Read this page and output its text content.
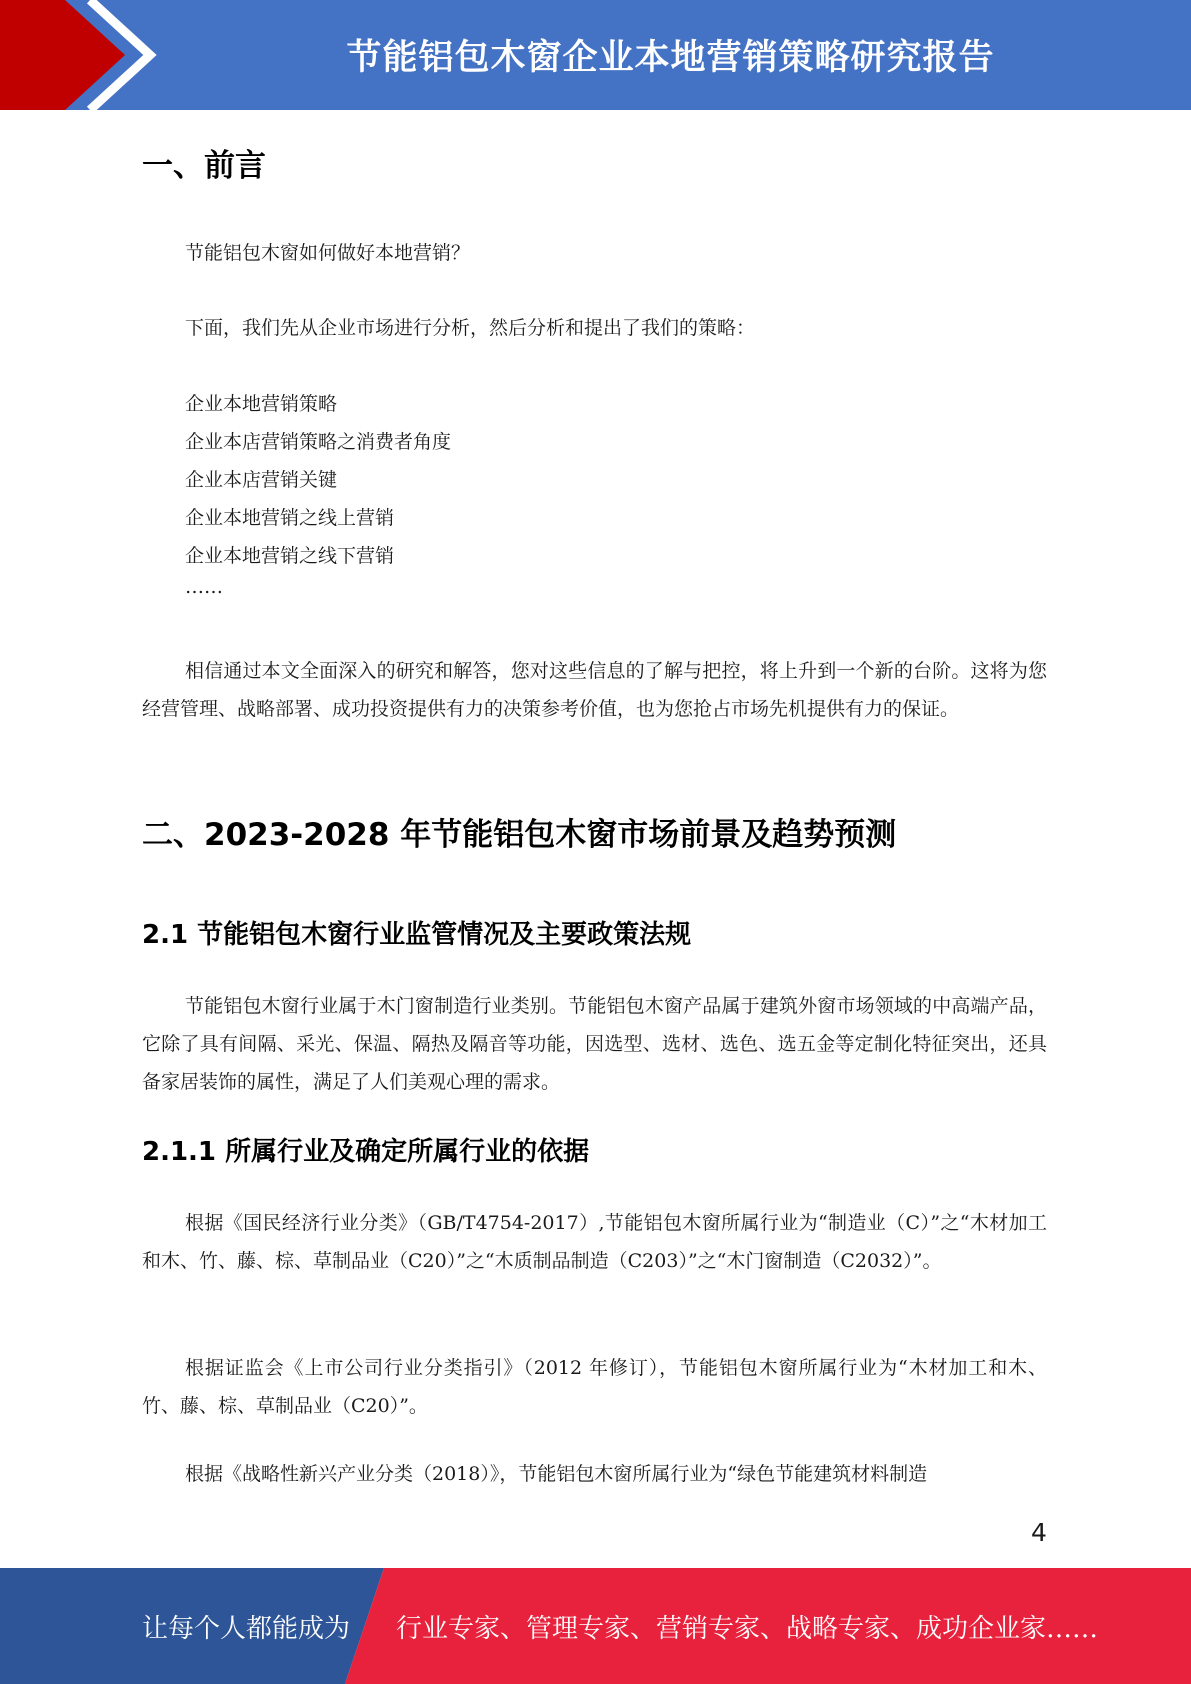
节能铝包木窗企业本地营销策略研究报告
一、前言

节能铝包木窗如何做好本地营销？

下面，我们先从企业市场进行分析，然后分析和提出了我们的策略：

企业本地营销策略

企业本店营销策略之消费者角度

企业本店营销关键

企业本地营销之线上营销

企业本地营销之线下营销

……

相信通过本文全面深入的研究和解答，您对这些信息的了解与把控，将上升到一个新的台阶。这将为您经营管理、战略部署、成功投资提供有力的决策参考价值，也为您抢占市场先机提供有力的保证。

二、2023-2028 年节能铝包木窗市场前景及趋势预测
2.1 节能铝包木窗行业监管情况及主要政策法规

节能铝包木窗行业属于木门窗制造行业类别。节能铝包木窗产品属于建筑外窗市场领域的中高端产品，它除了具有间隔、采光、保温、隔热及隔音等功能，因选型、选材、选色、选五金等定制化特征突出，还具备家居装饰的属性，满足了人们美观心理的需求。

2.1.1 所属行业及确定所属行业的依据

根据《国民经济行业分类》（GB/T4754-2017）,节能铝包木窗所属行业为“制造业（C）”之“木材加工和木、竹、藤、棕、草制品业（C20）”之“木质制品制造（C203）”之“木门窗制造（C2032）”。

根据证监会《上市公司行业分类指引》（2012 年修订），节能铝包木窗所属行业为“木材加工和木、竹、藤、棕、草制品业（C20）”。

根据《战略性新兴产业分类（2018）》，节能铝包木窗所属行业为“绿色节能建筑材料制造

4
让每个人都能成为 行业专家、管理专家、营销专家、战略专家、成功企业家……
